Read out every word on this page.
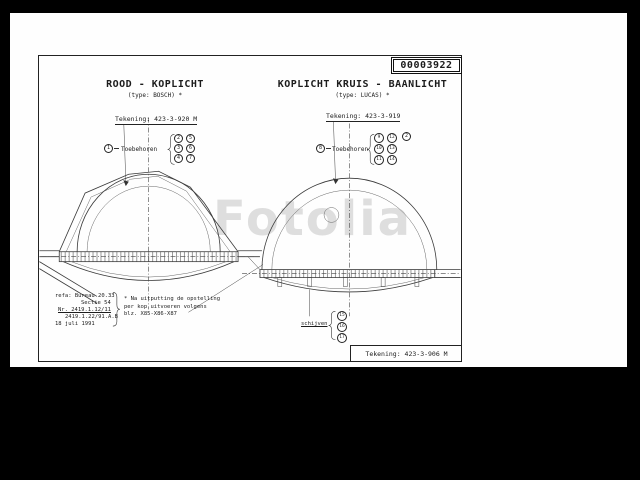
Fotolia
00003922
ROOD - KOPLICHT
(type: BOSCH) *
KOPLICHT KRUIS - BAANLICHT
(type: LUCAS) *
Tekening: 423-3-920 M	Tekening: 423-3-919
1	Toebehoren
2
3
4
5
6
7
8	Toebehoren
9
10
11
12
13
14
2
refa: Bureau 20.33
Sectie 54
Nr. 2419.1.12/11
2419.1.22/91.A.B
18 juli 1991
* Na uitputting de opstelling
per kop uitvoeren volgens
blz. X85-X86-X87
schijven
15
16
17
Tekening: 423-3-906 M
